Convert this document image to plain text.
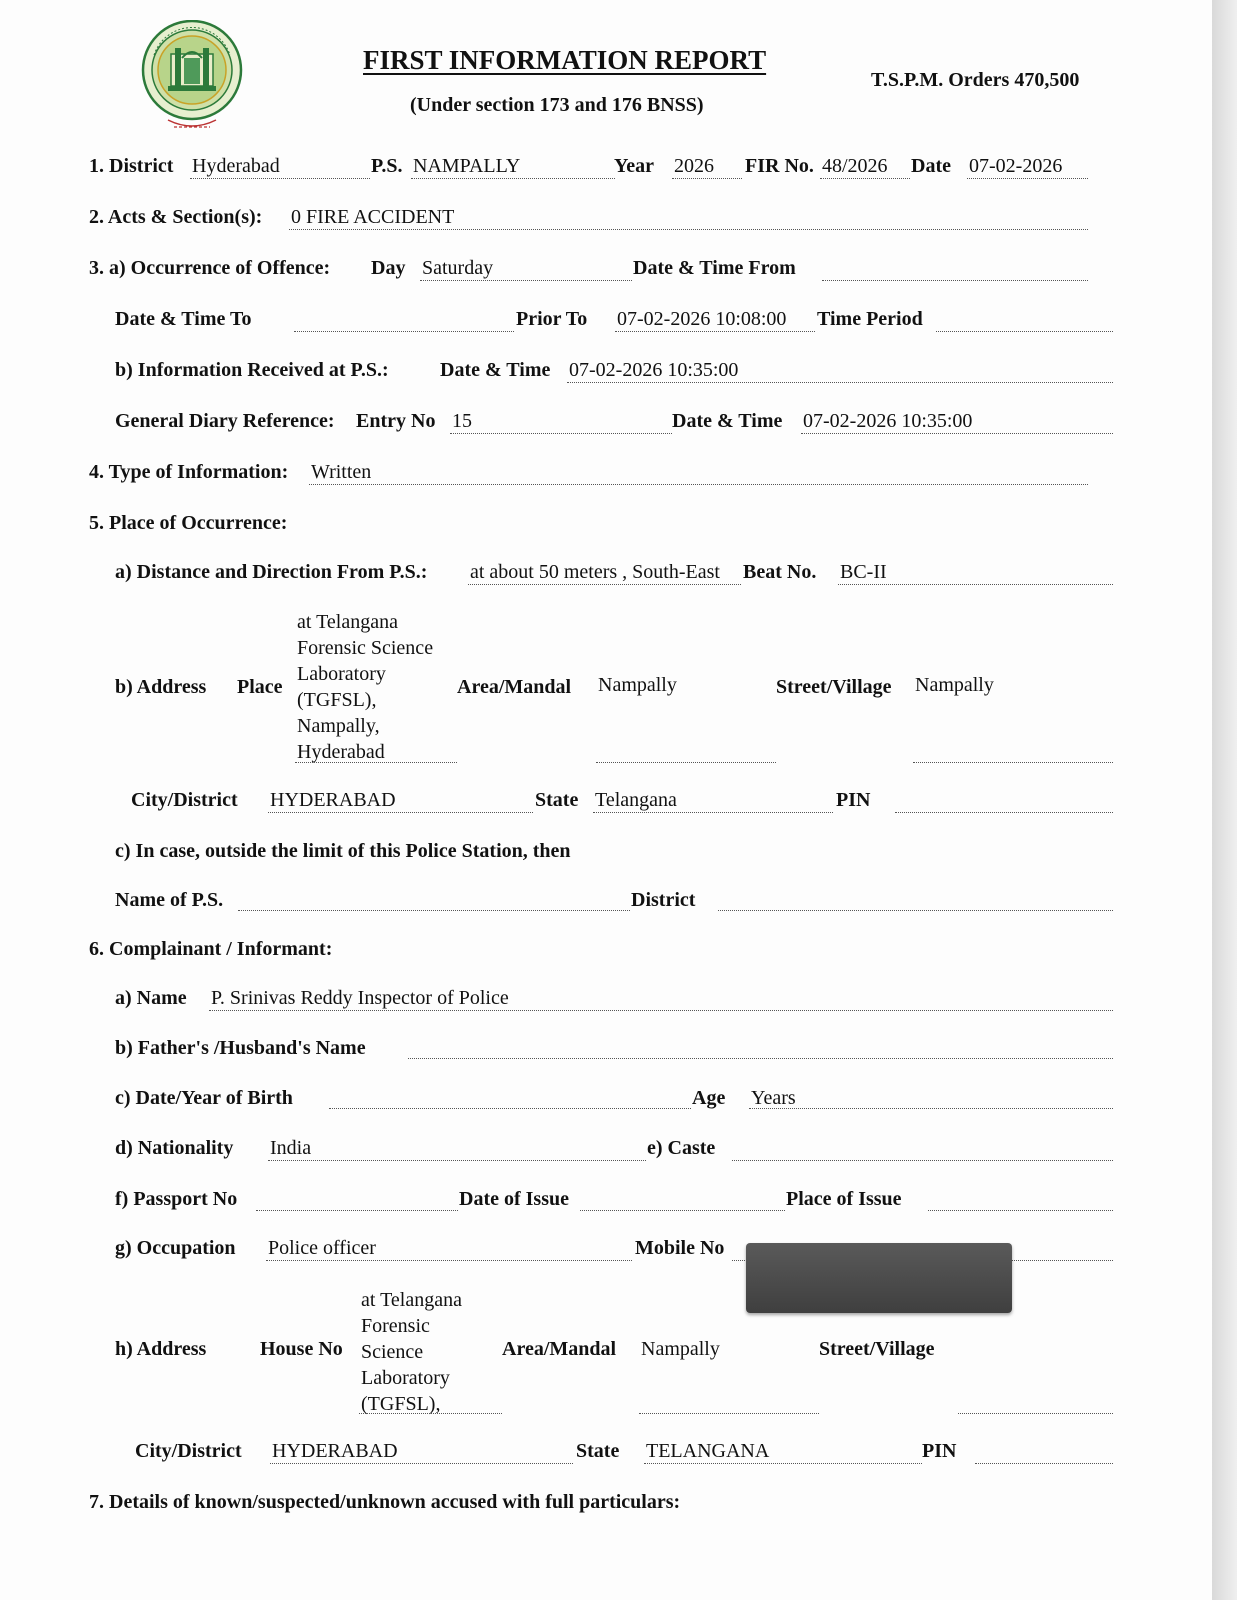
FIRST INFORMATION REPORT
(Under section 173 and 176 BNSS)
T.S.P.M. Orders 470,500
1. District Hyderabad	P.S. NAMPALLY	Year 2026 FIR No. 48/2026 Date 07-02-2026
2. Acts & Section(s): 0 FIRE ACCIDENT
3. a) Occurrence of Offence: Day Saturday	Date & Time From
Date & Time To	Prior To 07-02-2026 10:08:00 Time Period
b) Information Received at P.S.:	Date & Time 07-02-2026 10:35:00
General Diary Reference: Entry No 15	Date & Time 07-02-2026 10:35:00
4. Type of Information: Written
5. Place of Occurrence:
a) Distance and Direction From P.S.: at about 50 meters , South-East Beat No. BC-II
b) Address Place
at Telangana Forensic Science Laboratory (TGFSL), Nampally, Hyderabad
Area/Mandal Nampally	Street/Village Nampally
City/District HYDERABAD	State Telangana	PIN
c) In case, outside the limit of this Police Station, then
Name of P.S.	District
6. Complainant / Informant:
a) Name P. Srinivas Reddy Inspector of Police
b) Father's /Husband's Name
c) Date/Year of Birth	Age Years
d) Nationality India	e) Caste
f) Passport No	Date of Issue	Place of Issue
g) Occupation Police officer	Mobile No
h) Address	House No
at Telangana Forensic Science Laboratory (TGFSL),
Area/Mandal Nampally	Street/Village
City/District HYDERABAD	State TELANGANA	PIN
7. Details of known/suspected/unknown accused with full particulars:
